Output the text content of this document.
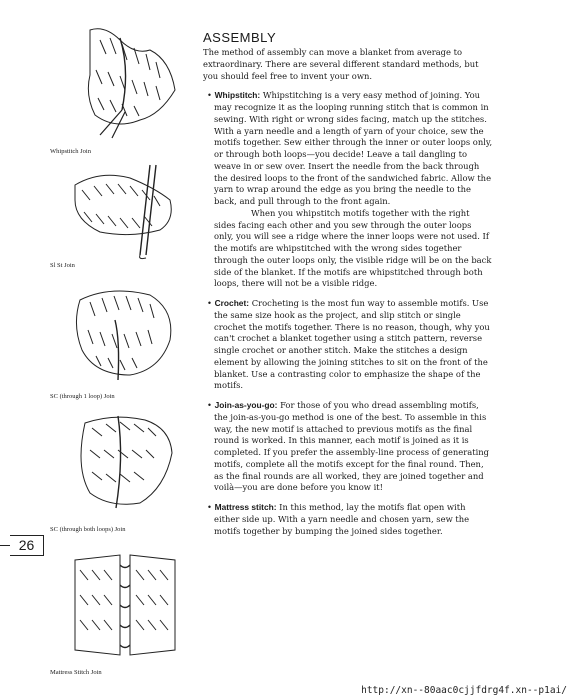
Whipstitch Join
Sl St Join
SC (through 1 loop) Join
SC (through both loops) Join
Mattress Stitch Join
26
ASSEMBLY

The method of assembly can move a blanket from average to extraordinary. There are several different standard methods, but you should feel free to invent your own.

• Whipstitch: Whipstitching is a very easy method of joining. You may recognize it as the looping running stitch that is common in sewing. With right or wrong sides facing, match up the stitches. With a yarn needle and a length of yarn of your choice, sew the motifs together. Sew either through the inner or outer loops only, or through both loops—you decide! Leave a tail dangling to weave in or sew over. Insert the needle from the back through the desired loops to the front of the sandwiched fabric. Allow the yarn to wrap around the edge as you bring the needle to the back, and pull through to the front again.

When you whipstitch motifs together with the right sides facing each other and you sew through the outer loops only, you will see a ridge where the inner loops were not used. If the motifs are whipstitched with the wrong sides together through the outer loops only, the visible ridge will be on the back side of the blanket. If the motifs are whipstitched through both loops, there will not be a visible ridge.

• Crochet: Crocheting is the most fun way to assemble motifs. Use the same size hook as the project, and slip stitch or single crochet the motifs together. There is no reason, though, why you can't crochet a blanket together using a stitch pattern, reverse single crochet or another stitch. Make the stitches a design element by allowing the joining stitches to sit on the front of the blanket. Use a contrasting color to emphasize the shape of the motifs.

• Join-as-you-go: For those of you who dread assembling motifs, the join-as-you-go method is one of the best. To assemble in this way, the new motif is attached to previous motifs as the final round is worked. In this manner, each motif is joined as it is completed. If you prefer the assembly-line process of generating motifs, complete all the motifs except for the final round. Then, as the final rounds are all worked, they are joined together and voilà—you are done before you know it!

• Mattress stitch: In this method, lay the motifs flat open with either side up. With a yarn needle and chosen yarn, sew the motifs together by bumping the joined sides together.

http://xn--80aac0cjjfdrg4f.xn--p1ai/
